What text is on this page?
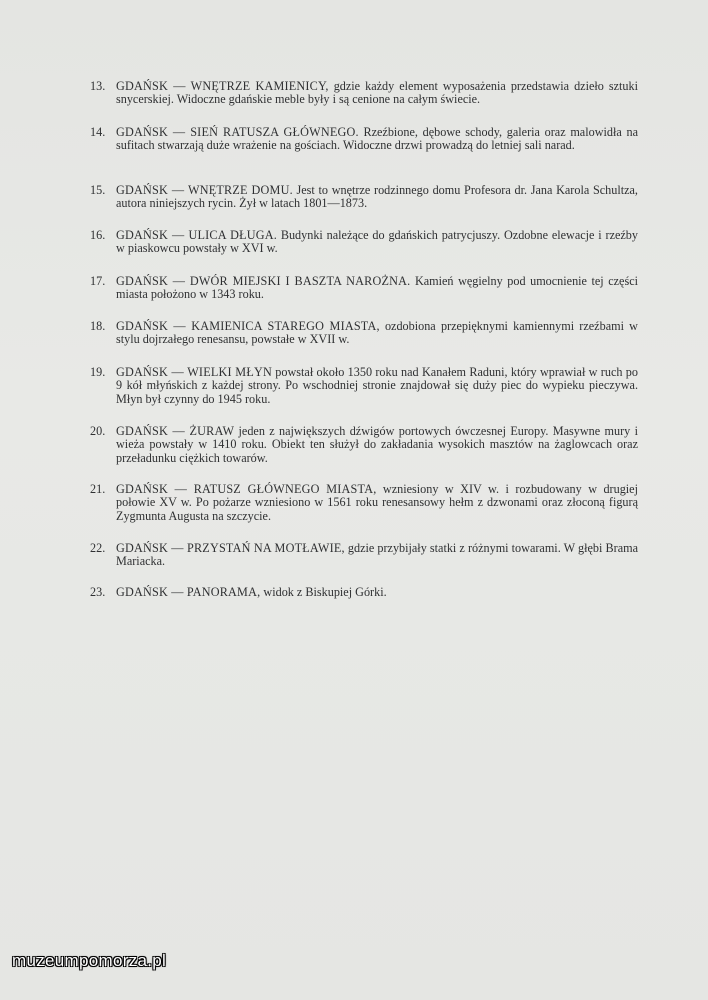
13. GDAŃSK — WNĘTRZE KAMIENICY, gdzie każdy element wyposażenia przedstawia dzieło sztuki snycerskiej. Widoczne gdańskie meble były i są cenione na całym świecie.
14. GDAŃSK — SIEŃ RATUSZA GŁÓWNEGO. Rzeźbione, dębowe schody, galeria oraz malowidła na sufitach stwarzają duże wrażenie na gościach. Widoczne drzwi prowadzą do letniej sali narad.
15. GDAŃSK — WNĘTRZE DOMU. Jest to wnętrze rodzinnego domu Profesora dr. Jana Karola Schultza, autora niniejszych rycin. Żył w latach 1801—1873.
16. GDAŃSK — ULICA DŁUGA. Budynki należące do gdańskich patrycjuszy. Ozdobne elewacje i rzeźby w piaskowcu powstały w XVI w.
17. GDAŃSK — DWÓR MIEJSKI I BASZTA NAROŻNA. Kamień węgielny pod umocnienie tej części miasta położono w 1343 roku.
18. GDAŃSK — KAMIENICA STAREGO MIASTA, ozdobiona przepięknymi kamiennymi rzeźbami w stylu dojrzałego renesansu, powstałe w XVII w.
19. GDAŃSK — WIELKI MŁYN powstał około 1350 roku nad Kanałem Raduni, który wprawiał w ruch po 9 kół młyńskich z każdej strony. Po wschodniej stronie znajdował się duży piec do wypieku pieczywa. Młyn był czynny do 1945 roku.
20. GDAŃSK — ŻURAW jeden z największych dźwigów portowych ówczesnej Europy. Masywne mury i wieża powstały w 1410 roku. Obiekt ten służył do zakładania wysokich masztów na żaglowcach oraz przeładunku ciężkich towarów.
21. GDAŃSK — RATUSZ GŁÓWNEGO MIASTA, wzniesiony w XIV w. i rozbudowany w drugiej połowie XV w. Po pożarze wzniesiono w 1561 roku renesansowy hełm z dzwonami oraz złoconą figurą Zygmunta Augusta na szczycie.
22. GDAŃSK — PRZYSTAŃ NA MOTŁAWIE, gdzie przybijały statki z różnymi towarami. W głębi Brama Mariacka.
23. GDAŃSK — PANORAMA, widok z Biskupiej Górki.
muzeumpomorza.pl
